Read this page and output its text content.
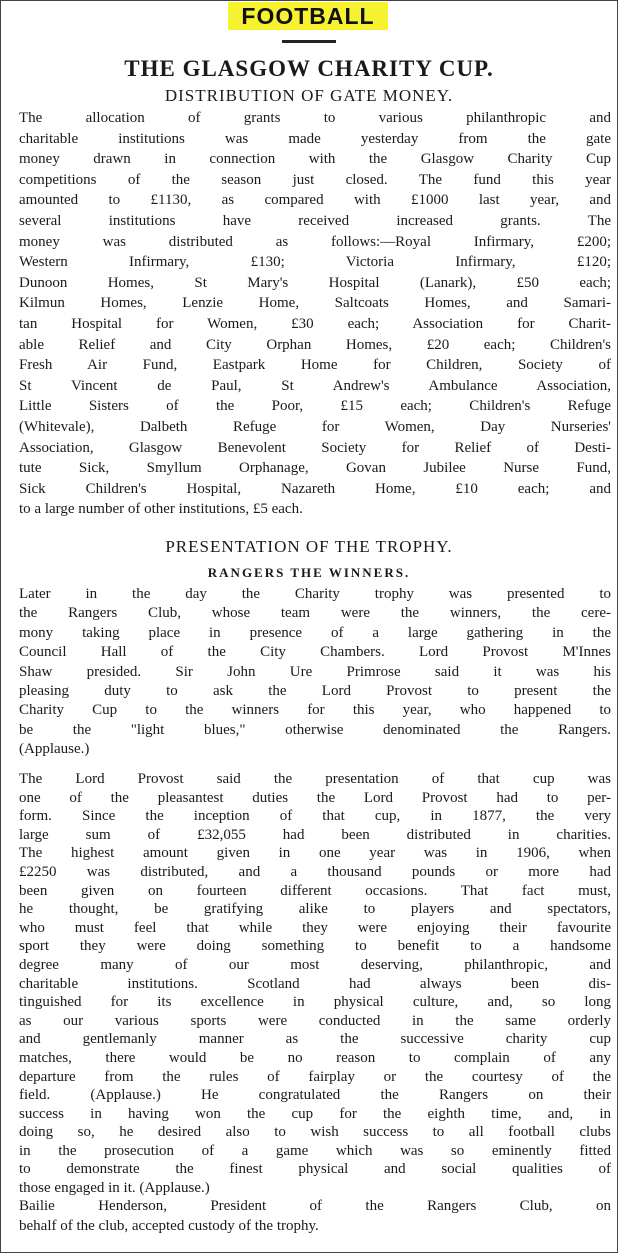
FOOTBALL
THE GLASGOW CHARITY CUP.
DISTRIBUTION OF GATE MONEY.

The allocation of grants to various philanthropic and
charitable institutions was made yesterday from the gate
money drawn in connection with the Glasgow Charity Cup
competitions of the season just closed. The fund this year
amounted to £1130, as compared with £1000 last year, and
several institutions have received increased grants. The
money was distributed as follows:—Royal Infirmary, £200;
Western Infirmary, £130; Victoria Infirmary, £120;
Dunoon Homes, St Mary's Hospital (Lanark), £50 each;
Kilmun Homes, Lenzie Home, Saltcoats Homes, and Samari-
tan Hospital for Women, £30 each; Association for Charit-
able Relief and City Orphan Homes, £20 each; Children's
Fresh Air Fund, Eastpark Home for Children, Society of
St Vincent de Paul, St Andrew's Ambulance Association,
Little Sisters of the Poor, £15 each; Children's Refuge
(Whitevale), Dalbeth Refuge for Women, Day Nurseries'
Association, Glasgow Benevolent Society for Relief of Desti-
tute Sick, Smyllum Orphanage, Govan Jubilee Nurse Fund,
Sick Children's Hospital, Nazareth Home, £10 each; and
to a large number of other institutions, £5 each.

PRESENTATION OF THE TROPHY.
RANGERS THE WINNERS.

Later in the day the Charity trophy was presented to
the Rangers Club, whose team were the winners, the cere-
mony taking place in presence of a large gathering in the
Council Hall of the City Chambers. Lord Provost M'Innes
Shaw presided. Sir John Ure Primrose said it was his
pleasing duty to ask the Lord Provost to present the
Charity Cup to the winners for this year, who happened to
be the "light blues," otherwise denominated the Rangers.
(Applause.)

The Lord Provost said the presentation of that cup was
one of the pleasantest duties the Lord Provost had to per-
form. Since the inception of that cup, in 1877, the very
large sum of £32,055 had been distributed in charities.
The highest amount given in one year was in 1906, when
£2250 was distributed, and a thousand pounds or more had
been given on fourteen different occasions. That fact must,
he thought, be gratifying alike to players and spectators,
who must feel that while they were enjoying their favourite
sport they were doing something to benefit to a handsome
degree many of our most deserving, philanthropic, and
charitable institutions. Scotland had always been dis-
tinguished for its excellence in physical culture, and, so long
as our various sports were conducted in the same orderly
and gentlemanly manner as the successive charity cup
matches, there would be no reason to complain of any
departure from the rules of fairplay or the courtesy of the
field. (Applause.) He congratulated the Rangers on their
success in having won the cup for the eighth time, and, in
doing so, he desired also to wish success to all football clubs
in the prosecution of a game which was so eminently fitted
to demonstrate the finest physical and social qualities of
those engaged in it. (Applause.)

Bailie Henderson, President of the Rangers Club, on
behalf of the club, accepted custody of the trophy.
